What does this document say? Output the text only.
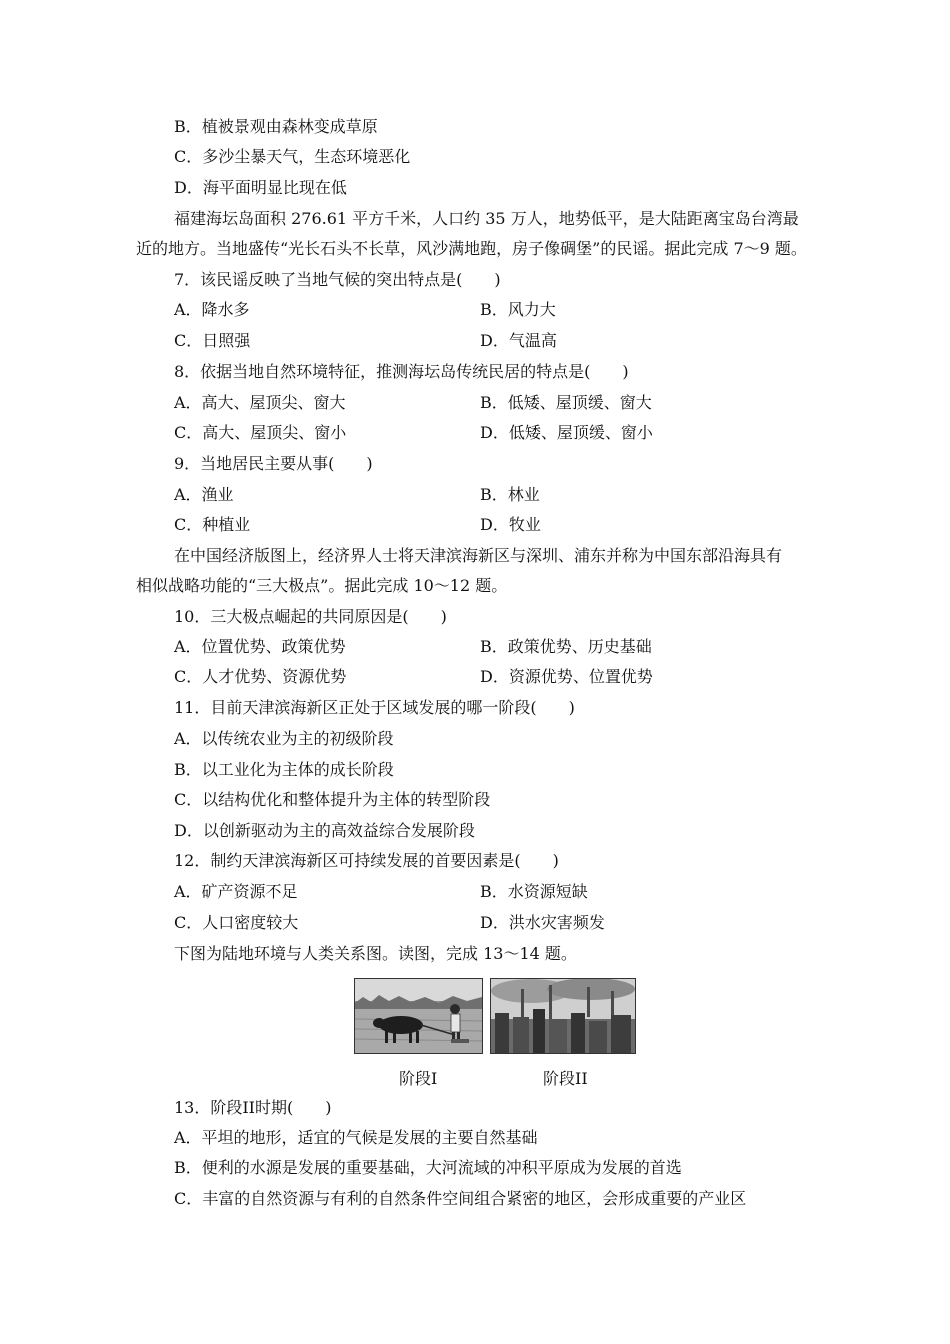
B．植被景观由森林变成草原
C．多沙尘暴天气，生态环境恶化
D．海平面明显比现在低
福建海坛岛面积 276.61 平方千米，人口约 35 万人，地势低平，是大陆距离宝岛台湾最
近的地方。当地盛传“光长石头不长草，风沙满地跑，房子像碉堡”的民谣。据此完成 7～9 题。
7．该民谣反映了当地气候的突出特点是(　　)
A．降水多	B．风力大
C．日照强	D．气温高
8．依据当地自然环境特征，推测海坛岛传统民居的特点是(　　)
A．高大、屋顶尖、窗大	B．低矮、屋顶缓、窗大
C．高大、屋顶尖、窗小	D．低矮、屋顶缓、窗小
9．当地居民主要从事(　　)
A．渔业	B．林业
C．种植业	D．牧业
在中国经济版图上，经济界人士将天津滨海新区与深圳、浦东并称为中国东部沿海具有
相似战略功能的“三大极点”。据此完成 10～12 题。
10．三大极点崛起的共同原因是(　　)
A．位置优势、政策优势	B．政策优势、历史基础
C．人才优势、资源优势	D．资源优势、位置优势
11．目前天津滨海新区正处于区域发展的哪一阶段(　　)
A．以传统农业为主的初级阶段
B．以工业化为主体的成长阶段
C．以结构优化和整体提升为主体的转型阶段
D．以创新驱动为主的高效益综合发展阶段
12．制约天津滨海新区可持续发展的首要因素是(　　)
A．矿产资源不足	B．水资源短缺
C．人口密度较大	D．洪水灾害频发
下图为陆地环境与人类关系图。读图，完成 13～14 题。
阶段I	阶段II
13．阶段II时期(　　)
A．平坦的地形，适宜的气候是发展的主要自然基础
B．便利的水源是发展的重要基础，大河流域的冲积平原成为发展的首选
C．丰富的自然资源与有利的自然条件空间组合紧密的地区，会形成重要的产业区
